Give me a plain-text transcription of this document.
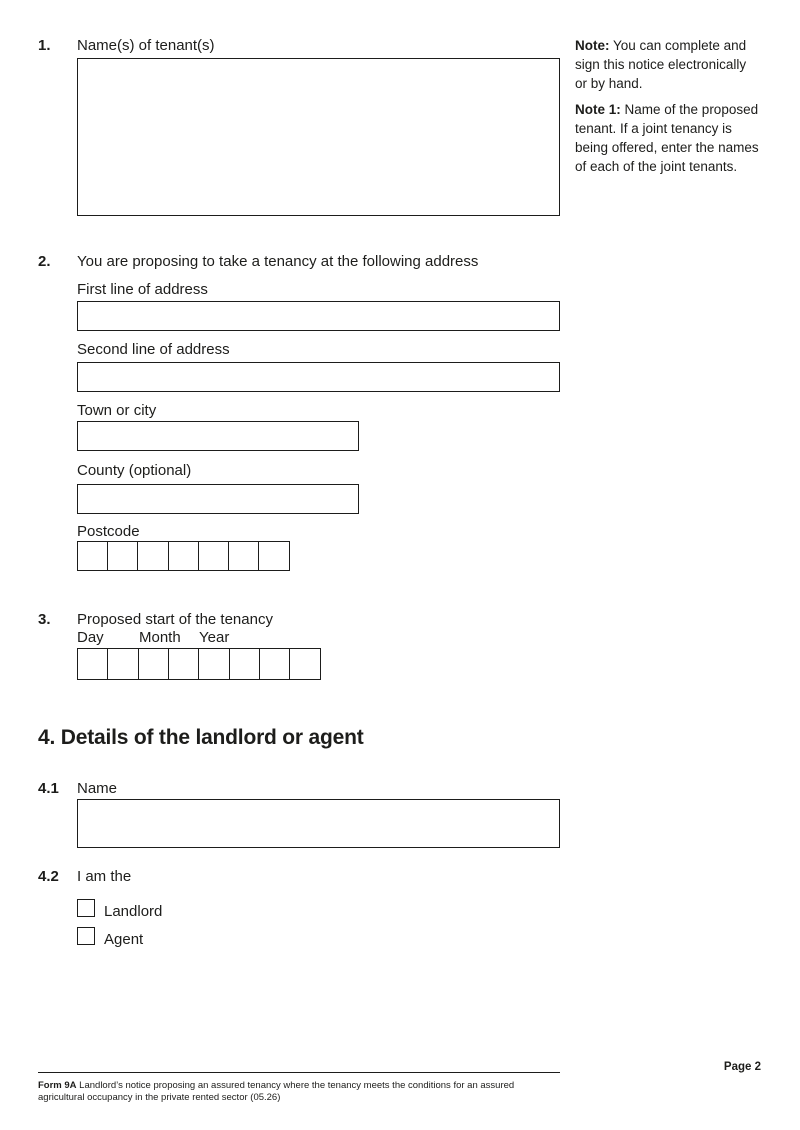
1. Name(s) of tenant(s)	Note: You can complete and sign this notice electronically or by hand.
Note 1: Name of the proposed tenant. If a joint tenancy is being offered, enter the names of each of the joint tenants.
2. You are proposing to take a tenancy at the following address
First line of address
Second line of address
Town or city
County (optional)
Postcode
3. Proposed start of the tenancy
Day Month Year
4. Details of the landlord or agent
4.1 Name
4.2 I am the
Landlord
Agent
Page 2
Form 9A Landlord’s notice proposing an assured tenancy where the tenancy meets the conditions for an assured agricultural occupancy in the private rented sector (05.26)
